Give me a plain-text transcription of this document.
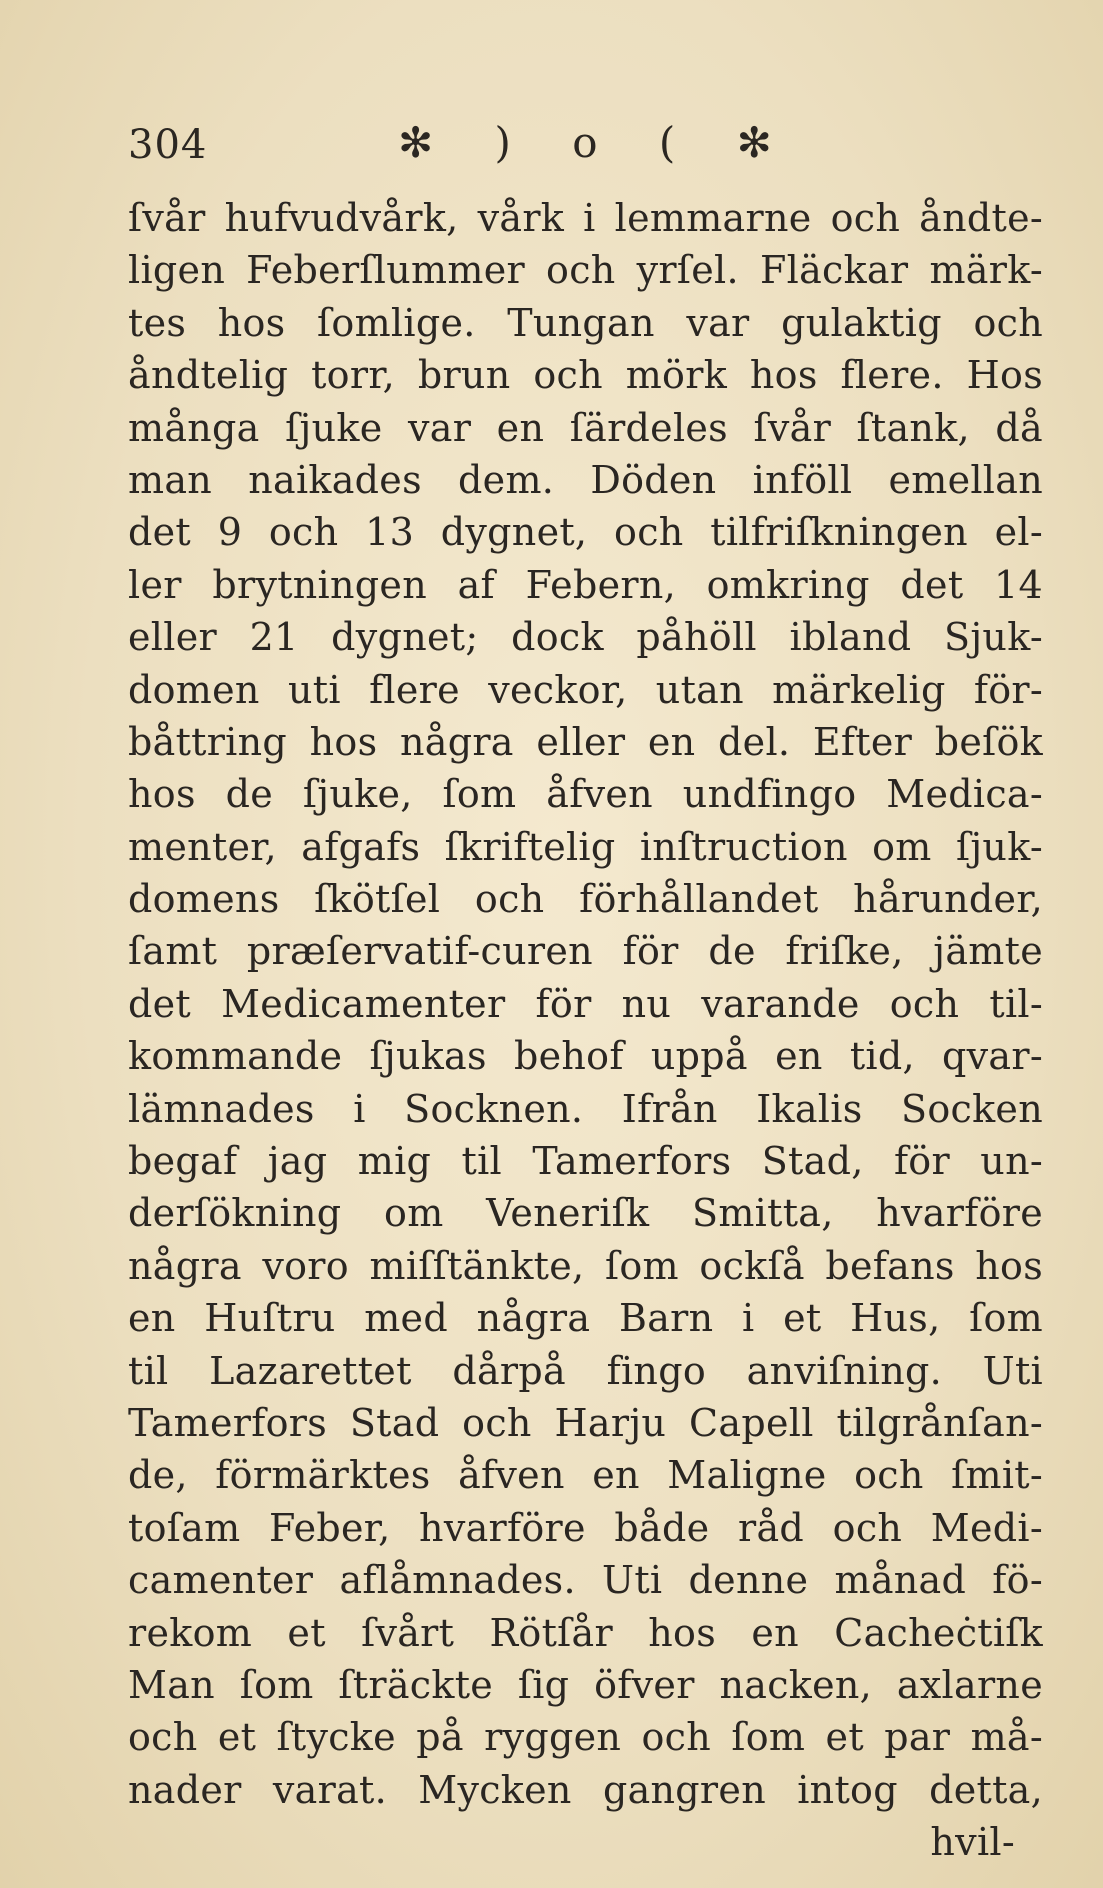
304	✻ ) o ( ✻
ſvår hufvudvårk, vårk i lemmarne och åndte-
ligen Feberſlummer och yrſel. Fläckar märk-
tes hos ſomlige. Tungan var gulaktig och
åndtelig torr, brun och mörk hos flere. Hos
många ſjuke var en ſärdeles ſvår ſtank, då
man naikades dem. Döden inföll emellan
det 9 och 13 dygnet, och tilfriſkningen el-
ler brytningen af Febern, omkring det 14
eller 21 dygnet; dock påhöll ibland Sjuk-
domen uti flere veckor, utan märkelig för-
båttring hos några eller en del. Efter beſök
hos de ſjuke, ſom åfven undfingo Medica-
menter, afgafs ſkriftelig inſtruction om ſjuk-
domens ſkötſel och förhållandet hårunder,
ſamt præſervatif-curen för de friſke, jämte
det Medicamenter för nu varande och til-
kommande ſjukas behof uppå en tid, qvar-
lämnades i Socknen. Ifrån Ikalis Socken
begaf jag mig til Tamerfors Stad, för un-
derſökning om Veneriſk Smitta, hvarföre
några voro miſſtänkte, ſom ockſå befans hos
en Huſtru med några Barn i et Hus, ſom
til Lazarettet dårpå fingo anviſning. Uti
Tamerfors Stad och Harju Capell tilgrånſan-
de, förmärktes åfven en Maligne och ſmit-
toſam Feber, hvarföre både råd och Medi-
camenter aflåmnades. Uti denne månad fö-
rekom et ſvårt Rötſår hos en Cacheċtiſk
Man ſom ſträckte ſig öfver nacken, axlarne
och et ſtycke på ryggen och ſom et par må-
nader varat. Mycken gangren intog detta,
hvil-
